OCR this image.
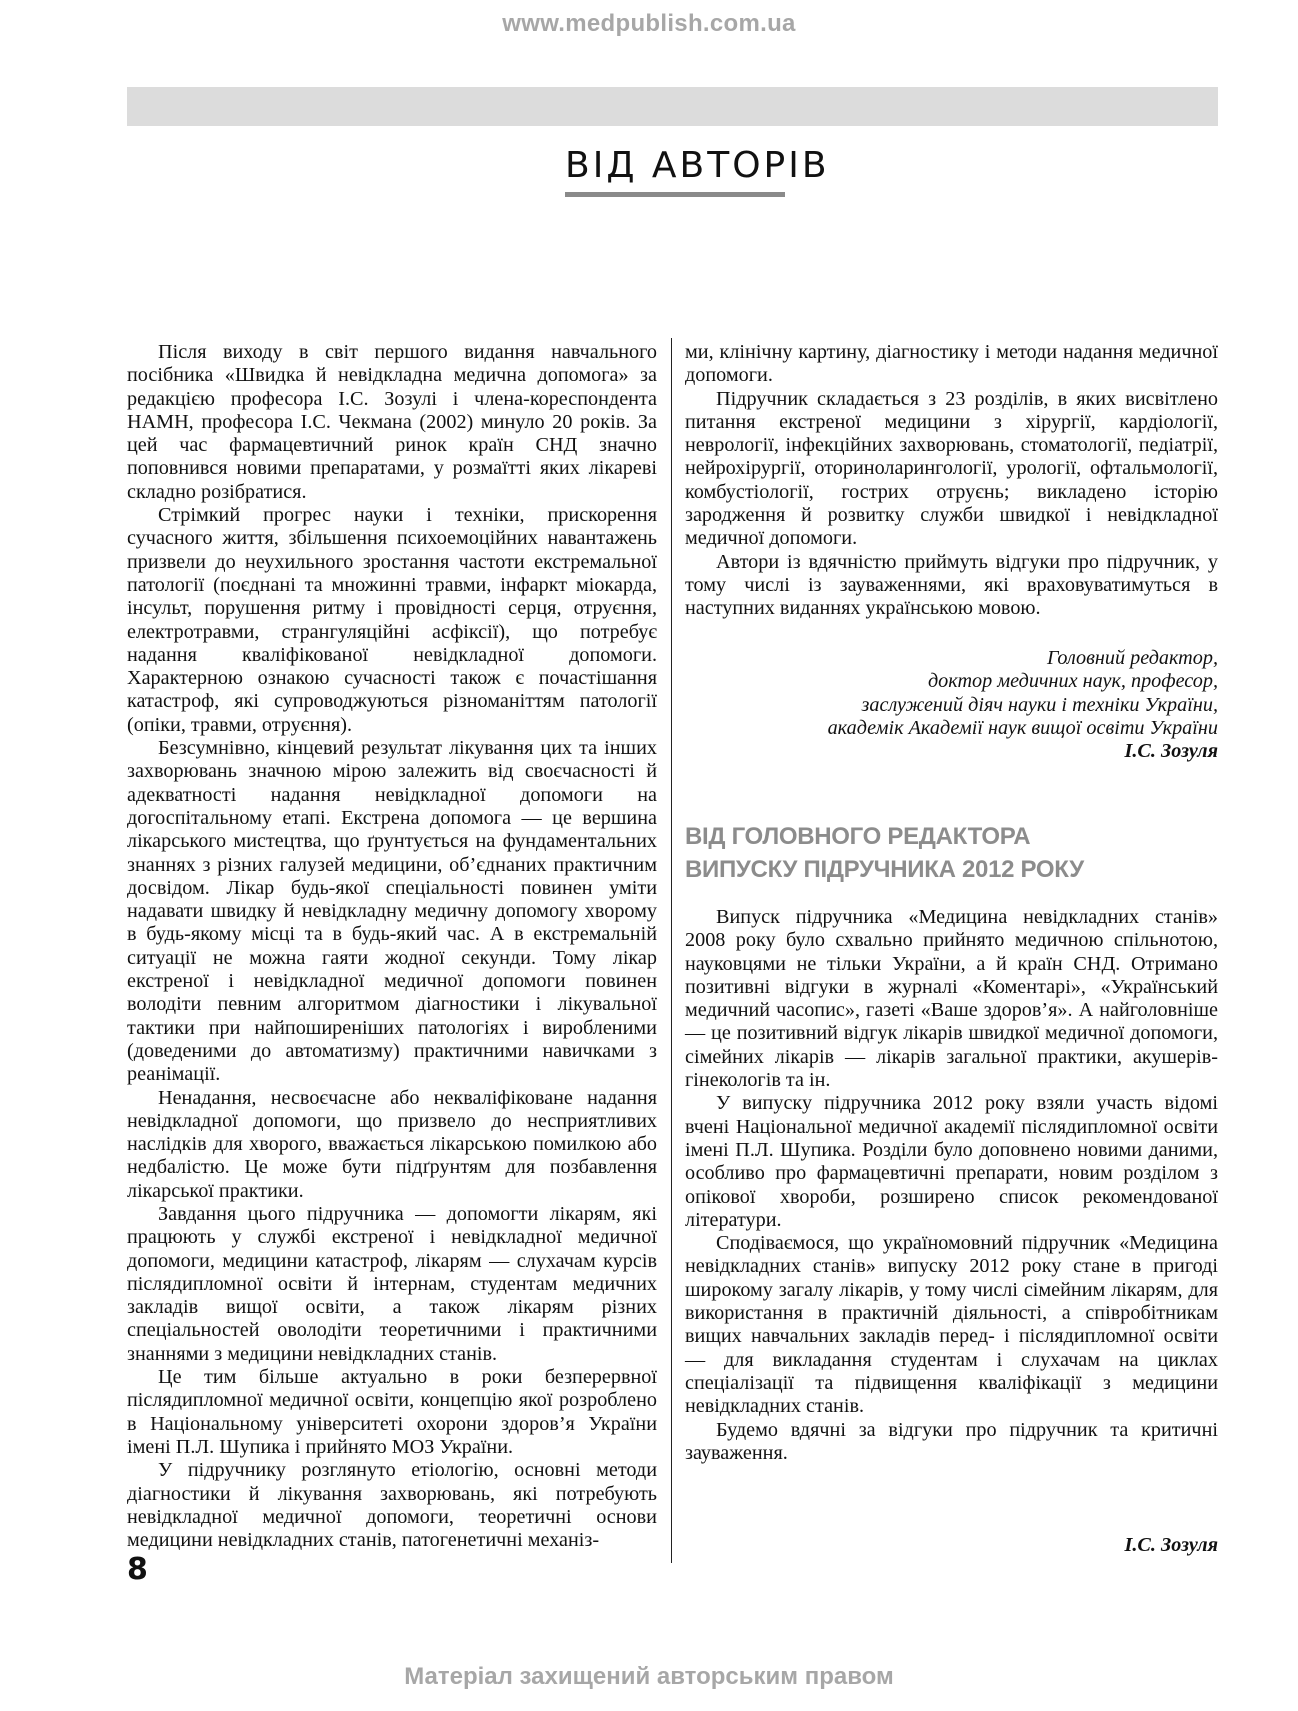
www.medpublish.com.ua
ВІД АВТОРІВ

Після виходу в світ першого видання навчального посібника «Швидка й невідкладна медична допомога» за редакцією професора І.С. Зозулі і члена-кореспондента НАМН, професора І.С. Чекмана (2002) минуло 20 років. За цей час фармацевтичний ринок країн СНД значно поповнився новими препаратами, у розмаїтті яких лікареві складно розібратися.

Стрімкий прогрес науки і техніки, прискорення сучасного життя, збільшення психоемоційних навантажень призвели до неухильного зростання частоти екстремальної патології (поєднані та множинні травми, інфаркт міокарда, інсульт, порушення ритму і провідності серця, отруєння, електротравми, странгуляційні асфіксії), що потребує надання кваліфікованої невідкладної допомоги. Характерною ознакою сучасності також є почастішання катастроф, які супроводжуються різноманіттям патології (опіки, травми, отруєння).

Безсумнівно, кінцевий результат лікування цих та інших захворювань значною мірою залежить від своєчасності й адекватності надання невідкладної допомоги на догоспітальному етапі. Екстрена допомога — це вершина лікарського мистецтва, що ґрунтується на фундаментальних знаннях з різних галузей медицини, об’єднаних практичним досвідом. Лікар будь-якої спеціальності повинен уміти надавати швидку й невідкладну медичну допомогу хворому в будь-якому місці та в будь-який час. А в екстремальній ситуації не можна гаяти жодної секунди. Тому лікар екстреної і невідкладної медичної допомоги повинен володіти певним алгоритмом діагностики і лікувальної тактики при найпоширеніших патологіях і виробленими (доведеними до автоматизму) практичними навичками з реанімації.

Ненадання, несвоєчасне або некваліфіковане надання невідкладної допомоги, що призвело до несприятливих наслідків для хворого, вважається лікарською помилкою або недбалістю. Це може бути підґрунтям для позбавлення лікарської практики.

Завдання цього підручника — допомогти лікарям, які працюють у службі екстреної і невідкладної медичної допомоги, медицини катастроф, лікарям — слухачам курсів післядипломної освіти й інтернам, студентам медичних закладів вищої освіти, а також лікарям різних спеціальностей оволодіти теоретичними і практичними знаннями з медицини невідкладних станів.

Це тим більше актуально в роки безперервної післядипломної медичної освіти, концепцію якої розроблено в Національному університеті охорони здоров’я України імені П.Л. Шупика і прийнято МОЗ України.

У підручнику розглянуто етіологію, основні методи діагностики й лікування захворювань, які потребують невідкладної медичної допомоги, теоретичні основи медицини невідкладних станів, патогенетичні механіз-

ми, клінічну картину, діагностику і методи надання медичної допомоги.

Підручник складається з 23 розділів, в яких висвітлено питання екстреної медицини з хірургії, кардіології, неврології, інфекційних захворювань, стоматології, педіатрії, нейрохірургії, оториноларингології, урології, офтальмології, комбустіології, гострих отруєнь; викладено історію зародження й розвитку служби швидкої і невідкладної медичної допомоги.

Автори із вдячністю приймуть відгуки про підручник, у тому числі із зауваженнями, які враховуватимуться в наступних виданнях українською мовою.

Головний редактор,
доктор медичних наук, професор,
заслужений діяч науки і техніки України,
академік Академії наук вищої освіти України
І.С. Зозуля
ВІД ГОЛОВНОГО РЕДАКТОРА
ВИПУСКУ ПІДРУЧНИКА 2012 РОКУ

Випуск підручника «Медицина невідкладних станів» 2008 року було схвально прийнято медичною спільнотою, науковцями не тільки України, а й країн СНД. Отримано позитивні відгуки в журналі «Коментарі», «Український медичний часопис», газеті «Ваше здоров’я». А найголовніше — це позитивний відгук лікарів швидкої медичної допомоги, сімейних лікарів — лікарів загальної практики, акушерів-гінекологів та ін.

У випуску підручника 2012 року взяли участь відомі вчені Національної медичної академії післядипломної освіти імені П.Л. Шупика. Розділи було доповнено новими даними, особливо про фармацевтичні препарати, новим розділом з опікової хвороби, розширено список рекомендованої літератури.

Сподіваємося, що україномовний підручник «Медицина невідкладних станів» випуску 2012 року стане в пригоді широкому загалу лікарів, у тому числі сімейним лікарям, для використання в практичній діяльності, а співробітникам вищих навчальних закладів перед- і післядипломної освіти — для викладання студентам і слухачам на циклах спеціалізації та підвищення кваліфікації з медицини невідкладних станів.

Будемо вдячні за відгуки про підручник та критичні зауваження.

І.С. Зозуля
8
Матеріал захищений авторським правом
